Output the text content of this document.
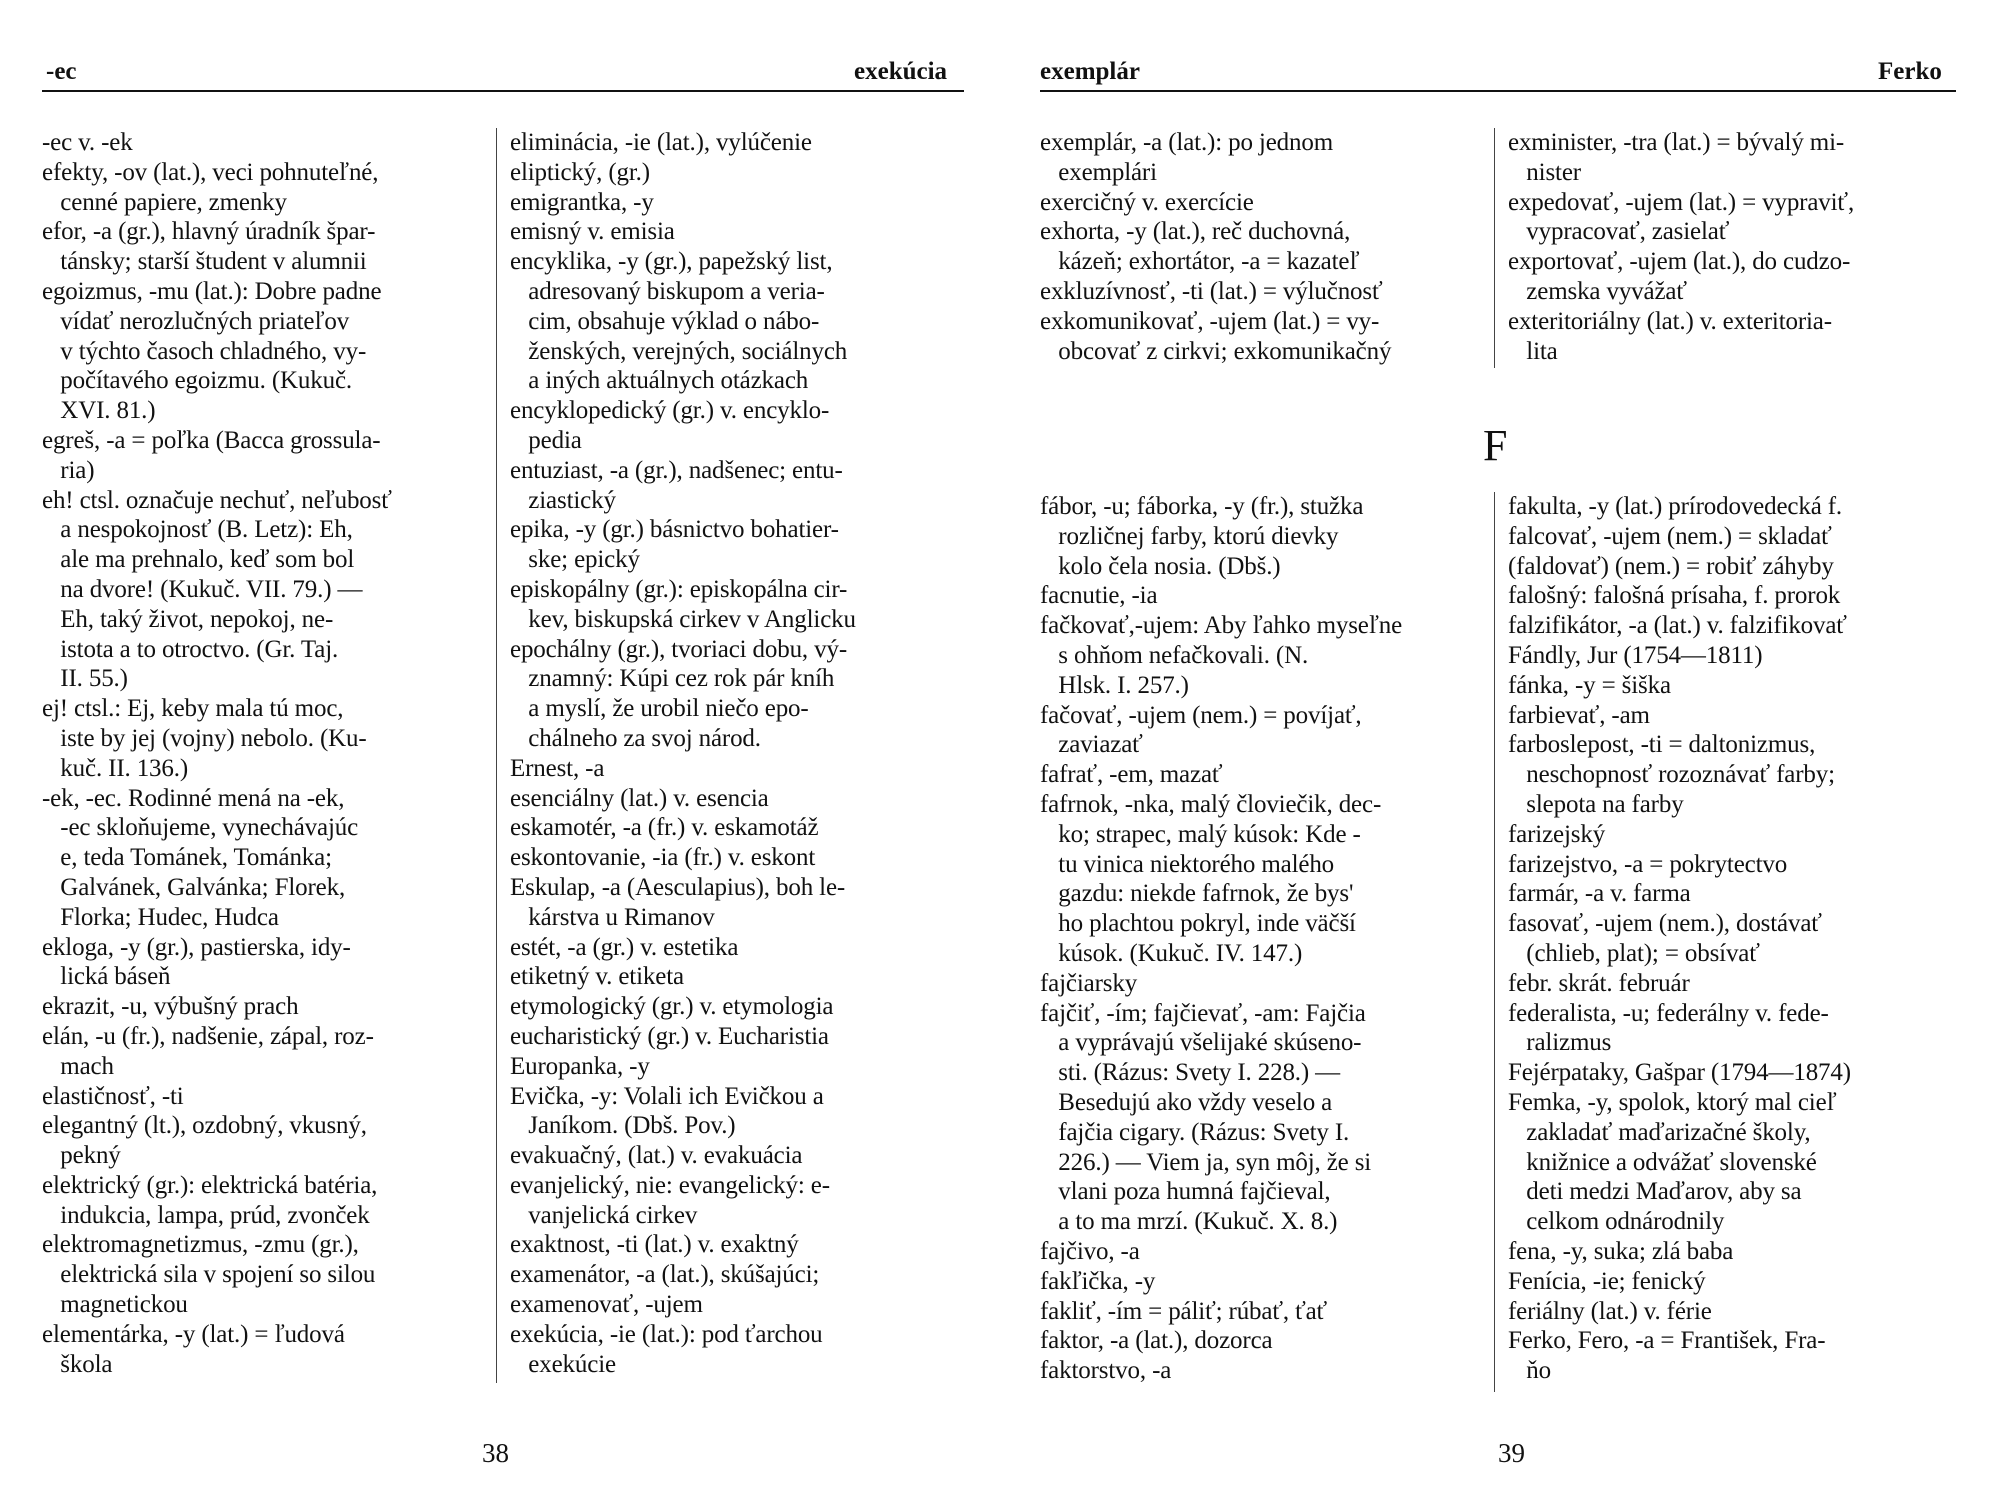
-ec	exekúcia
-ec v. -ek
efekty, -ov (lat.), veci pohnuteľné,
cenné papiere, zmenky
efor, -a (gr.), hlavný úradník špar-
tánsky; starší študent v alumnii
egoizmus, -mu (lat.): Dobre padne
vídať nerozlučných priateľov
v týchto časoch chladného, vy-
počítavého egoizmu. (Kukuč.
XVI. 81.)
egreš, -a = poľka (Bacca grossula-
ria)
eh! ctsl. označuje nechuť, neľubosť
a nespokojnosť (B. Letz): Eh,
ale ma prehnalo, keď som bol
na dvore! (Kukuč. VII. 79.) —
Eh, taký život, nepokoj, ne-
istota a to otroctvo. (Gr. Taj.
II. 55.)
ej! ctsl.: Ej, keby mala tú moc,
iste by jej (vojny) nebolo. (Ku-
kuč. II. 136.)
-ek, -ec. Rodinné mená na -ek,
-ec skloňujeme, vynechávajúc
e, teda Tománek, Tománka;
Galvánek, Galvánka; Florek,
Florka; Hudec, Hudca
ekloga, -y (gr.), pastierska, idy-
lická báseň
ekrazit, -u, výbušný prach
elán, -u (fr.), nadšenie, zápal, roz-
mach
elastičnosť, -ti
elegantný (lt.), ozdobný, vkusný,
pekný
elektrický (gr.): elektrická batéria,
indukcia, lampa, prúd, zvonček
elektromagnetizmus, -zmu (gr.),
elektrická sila v spojení so silou
magnetickou
elementárka, -y (lat.) = ľudová
škola
eliminácia, -ie (lat.), vylúčenie
eliptický, (gr.)
emigrantka, -y
emisný v. emisia
encyklika, -y (gr.), papežský list,
adresovaný biskupom a veria-
cim, obsahuje výklad o nábo-
ženských, verejných, sociálnych
a iných aktuálnych otázkach
encyklopedický (gr.) v. encyklo-
pedia
entuziast, -a (gr.), nadšenec; entu-
ziastický
epika, -y (gr.) básnictvo bohatier-
ske; epický
episkopálny (gr.): episkopálna cir-
kev, biskupská cirkev v Anglicku
epochálny (gr.), tvoriaci dobu, vý-
znamný: Kúpi cez rok pár kníh
a myslí, že urobil niečo epo-
chálneho za svoj národ.
Ernest, -a
esenciálny (lat.) v. esencia
eskamotér, -a (fr.) v. eskamotáž
eskontovanie, -ia (fr.) v. eskont
Eskulap, -a (Aesculapius), boh le-
kárstva u Rimanov
estét, -a (gr.) v. estetika
etiketný v. etiketa
etymologický (gr.) v. etymologia
eucharistický (gr.) v. Eucharistia
Europanka, -y
Evička, -y: Volali ich Evičkou a
Janíkom. (Dbš. Pov.)
evakuačný, (lat.) v. evakuácia
evanjelický, nie: evangelický: e-
vanjelická cirkev
exaktnost, -ti (lat.) v. exaktný
examenátor, -a (lat.), skúšajúci;
examenovať, -ujem
exekúcia, -ie (lat.): pod ťarchou
exekúcie
38
exemplár	Ferko
exemplár, -a (lat.): po jednom
exemplári
exercičný v. exercície
exhorta, -y (lat.), reč duchovná,
kázeň; exhortátor, -a = kazateľ
exkluzívnosť, -ti (lat.) = výlučnosť
exkomunikovať, -ujem (lat.) = vy-
obcovať z cirkvi; exkomunikačný
exminister, -tra (lat.) = bývalý mi-
nister
expedovať, -ujem (lat.) = vypraviť,
vypracovať, zasielať
exportovať, -ujem (lat.), do cudzo-
zemska vyvážať
exteritoriálny (lat.) v. exteritoria-
lita
F
fábor, -u; fáborka, -y (fr.), stužka
rozličnej farby, ktorú dievky
kolo čela nosia. (Dbš.)
facnutie, -ia
fačkovať,-ujem: Aby ľahko myseľne
s ohňom nefačkovali. (N.
Hlsk. I. 257.)
fačovať, -ujem (nem.) = povíjať,
zaviazať
fafrať, -em, mazať
fafrnok, -nka, malý človiečik, dec-
ko; strapec, malý kúsok: Kde -
tu vinica niektorého malého
gazdu: niekde fafrnok, že bys'
ho plachtou pokryl, inde väčší
kúsok. (Kukuč. IV. 147.)
fajčiarsky
fajčiť, -ím; fajčievať, -am: Fajčia
a vyprávajú všelijaké skúseno-
sti. (Rázus: Svety I. 228.) —
Besedujú ako vždy veselo a
fajčia cigary. (Rázus: Svety I.
226.) — Viem ja, syn môj, že si
vlani poza humná fajčieval,
a to ma mrzí. (Kukuč. X. 8.)
fajčivo, -a
fakľička, -y
fakliť, -ím = páliť; rúbať, ťať
faktor, -a (lat.), dozorca
faktorstvo, -a
fakulta, -y (lat.) prírodovedecká f.
falcovať, -ujem (nem.) = skladať
(faldovať) (nem.) = robiť záhyby
falošný: falošná prísaha, f. prorok
falzifikátor, -a (lat.) v. falzifikovať
Fándly, Jur (1754—1811)
fánka, -y = šiška
farbievať, -am
farboslepost, -ti = daltonizmus,
neschopnosť rozoznávať farby;
slepota na farby
farizejský
farizejstvo, -a = pokrytectvo
farmár, -a v. farma
fasovať, -ujem (nem.), dostávať
(chlieb, plat); = obsívať
febr. skrát. február
federalista, -u; federálny v. fede-
ralizmus
Fejérpataky, Gašpar (1794—1874)
Femka, -y, spolok, ktorý mal cieľ
zakladať maďarizačné školy,
knižnice a odvážať slovenské
deti medzi Maďarov, aby sa
celkom odnárodnily
fena, -y, suka; zlá baba
Fenícia, -ie; fenický
feriálny (lat.) v. férie
Ferko, Fero, -a = František, Fra-
ňo
39
